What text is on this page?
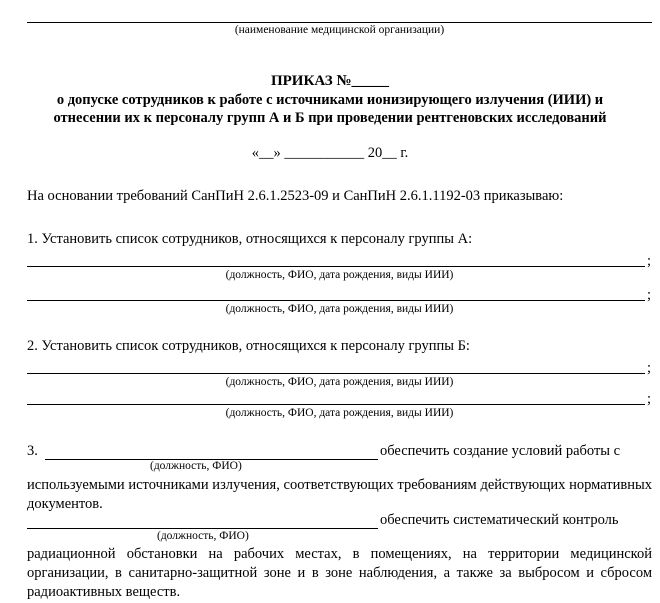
(наименование медицинской организации)
ПРИКАЗ №_____
о допуске сотрудников к работе с источниками ионизирующего излучения (ИИИ) и
отнесении их к персоналу групп А и Б при проведении рентгеновских исследований
«__» ___________ 20__ г.
На основании требований СанПиН 2.6.1.2523-09 и СанПиН 2.6.1.1192-03 приказываю:
1. Установить список сотрудников, относящихся к персоналу группы А:
;
(должность, ФИО, дата рождения, виды ИИИ)
;
(должность, ФИО, дата рождения, виды ИИИ)
2. Установить список сотрудников, относящихся к персоналу группы Б:
;
(должность, ФИО, дата рождения, виды ИИИ)
;
(должность, ФИО, дата рождения, виды ИИИ)
3.	обеспечить создание условий работы с
(должность, ФИО)
используемыми источниками излучения, соответствующих требованиям действующих нормативных документов.
обеспечить систематический контроль
(должность, ФИО)
радиационной обстановки на рабочих местах, в помещениях, на территории медицинской организации, в санитарно-защитной зоне и в зоне наблюдения, а также за выбросом и сбросом радиоактивных веществ.
